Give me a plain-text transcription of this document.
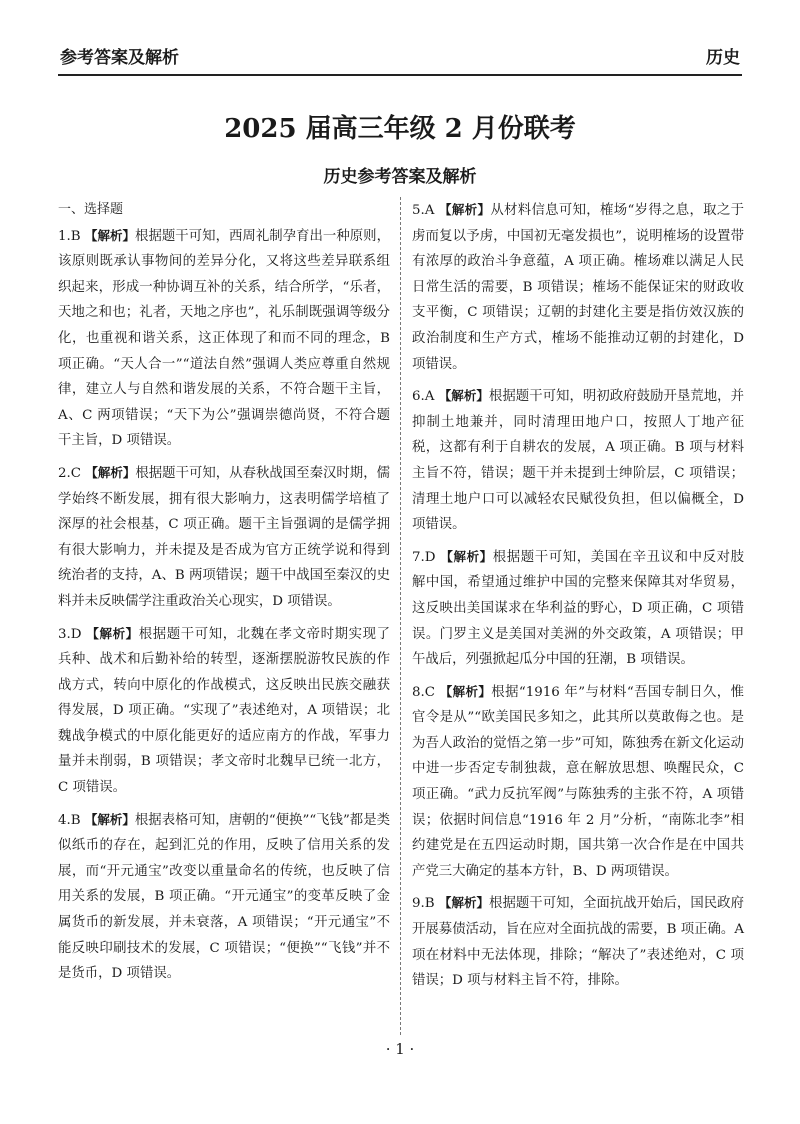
参考答案及解析	历史
2025 届高三年级 2 月份联考
历史参考答案及解析
一、选择题
1.B 【解析】根据题干可知，西周礼制孕育出一种原则，该原则既承认事物间的差异分化，又将这些差异联系组织起来，形成一种协调互补的关系，结合所学，“乐者，天地之和也；礼者，天地之序也”，礼乐制既强调等级分化，也重视和谐关系，这正体现了和而不同的理念，B 项正确。“天人合一”“道法自然”强调人类应尊重自然规律，建立人与自然和谐发展的关系，不符合题干主旨，A、C 两项错误；“天下为公”强调崇德尚贤，不符合题干主旨，D 项错误。
2.C 【解析】根据题干可知，从春秋战国至秦汉时期，儒学始终不断发展，拥有很大影响力，这表明儒学培植了深厚的社会根基，C 项正确。题干主旨强调的是儒学拥有很大影响力，并未提及是否成为官方正统学说和得到统治者的支持，A、B 两项错误；题干中战国至秦汉的史料并未反映儒学注重政治关心现实，D 项错误。
3.D 【解析】根据题干可知，北魏在孝文帝时期实现了兵种、战术和后勤补给的转型，逐渐摆脱游牧民族的作战方式，转向中原化的作战模式，这反映出民族交融获得发展，D 项正确。“实现了”表述绝对，A 项错误；北魏战争模式的中原化能更好的适应南方的作战，军事力量并未削弱，B 项错误；孝文帝时北魏早已统一北方，C 项错误。
4.B 【解析】根据表格可知，唐朝的“便换”“飞钱”都是类似纸币的存在，起到汇兑的作用，反映了信用关系的发展，而“开元通宝”改变以重量命名的传统，也反映了信用关系的发展，B 项正确。“开元通宝”的变革反映了金属货币的新发展，并未衰落，A 项错误；“开元通宝”不能反映印刷技术的发展，C 项错误；“便换”“飞钱”并不是货币，D 项错误。
5.A 【解析】从材料信息可知，榷场“岁得之息，取之于虏而复以予虏，中国初无毫发损也”，说明榷场的设置带有浓厚的政治斗争意蕴，A 项正确。榷场难以满足人民日常生活的需要，B 项错误；榷场不能保证宋的财政收支平衡，C 项错误；辽朝的封建化主要是指仿效汉族的政治制度和生产方式，榷场不能推动辽朝的封建化，D 项错误。
6.A 【解析】根据题干可知，明初政府鼓励开垦荒地，并抑制土地兼并，同时清理田地户口，按照人丁地产征税，这都有利于自耕农的发展，A 项正确。B 项与材料主旨不符，错误；题干并未提到士绅阶层，C 项错误；清理土地户口可以减轻农民赋役负担，但以偏概全，D 项错误。
7.D 【解析】根据题干可知，美国在辛丑议和中反对肢解中国，希望通过维护中国的完整来保障其对华贸易，这反映出美国谋求在华利益的野心，D 项正确，C 项错误。门罗主义是美国对美洲的外交政策，A 项错误；甲午战后，列强掀起瓜分中国的狂潮，B 项错误。
8.C 【解析】根据“1916 年”与材料“吾国专制日久，惟官令是从”“欧美国民多知之，此其所以莫敢侮之也。是为吾人政治的觉悟之第一步”可知，陈独秀在新文化运动中进一步否定专制独裁，意在解放思想、唤醒民众，C 项正确。“武力反抗军阀”与陈独秀的主张不符，A 项错误；依据时间信息“1916 年 2 月”分析，“南陈北李”相约建党是在五四运动时期，国共第一次合作是在中国共产党三大确定的基本方针，B、D 两项错误。
9.B 【解析】根据题干可知，全面抗战开始后，国民政府开展募债活动，旨在应对全面抗战的需要，B 项正确。A 项在材料中无法体现，排除；“解决了”表述绝对，C 项错误；D 项与材料主旨不符，排除。
· 1 ·
